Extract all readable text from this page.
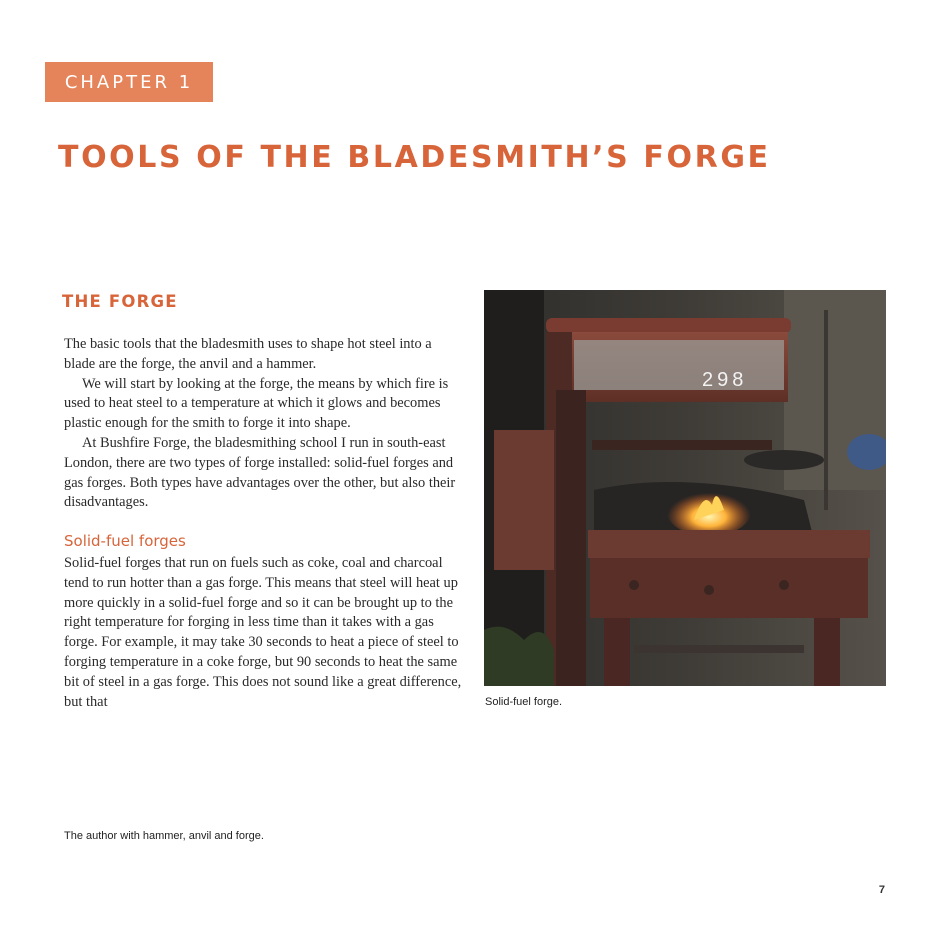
CHAPTER 1
TOOLS OF THE BLADESMITH’S FORGE
THE FORGE

The basic tools that the bladesmith uses to shape hot steel into a blade are the forge, the anvil and a hammer.

We will start by looking at the forge, the means by which fire is used to heat steel to a temperature at which it glows and becomes plastic enough for the smith to forge it into shape.

At Bushfire Forge, the bladesmithing school I run in south-east London, there are two types of forge installed: solid-fuel forges and gas forges. Both types have advantages over the other, but also their disadvantages.

Solid-fuel forges

Solid-fuel forges that run on fuels such as coke, coal and charcoal tend to run hotter than a gas forge. This means that steel will heat up more quickly in a solid-fuel forge and so it can be brought up to the right temperature for forging in less time than it takes with a gas forge. For example, it may take 30 seconds to heat a piece of steel to forging temperature in a coke forge, but 90 seconds to heat the same bit of steel in a gas forge. This does not sound like a great difference, but that

298
Solid-fuel forge.
The author with hammer, anvil and forge.
7
